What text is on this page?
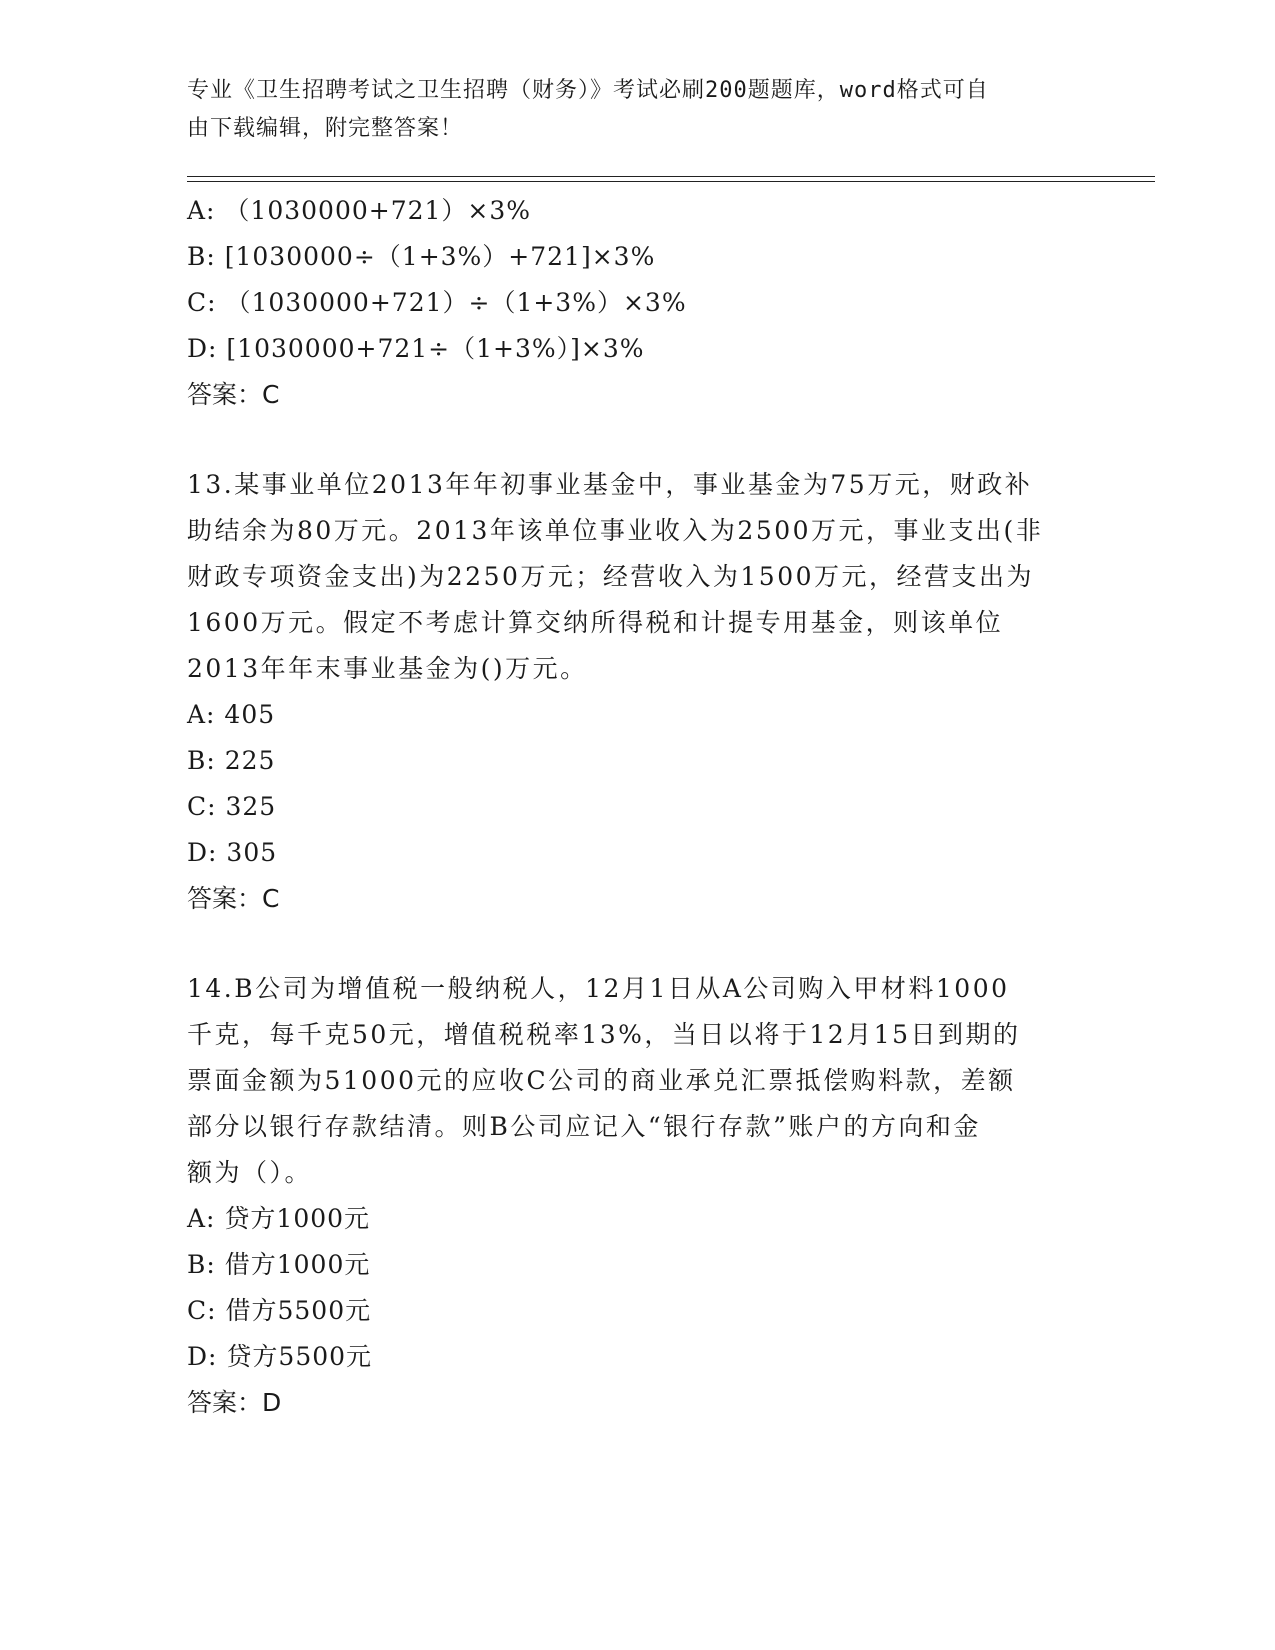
专业《卫生招聘考试之卫生招聘（财务）》考试必刷200题题库，word格式可自
由下载编辑，附完整答案！
A: （1030000+721）×3%
B: [1030000÷（1+3%）+721]×3%
C: （1030000+721）÷（1+3%）×3%
D: [1030000+721÷（1+3%）]×3%
答案：C
13.某事业单位2013年年初事业基金中，事业基金为75万元，财政补
助结余为80万元。2013年该单位事业收入为2500万元，事业支出(非
财政专项资金支出)为2250万元；经营收入为1500万元，经营支出为
1600万元。假定不考虑计算交纳所得税和计提专用基金，则该单位
2013年年末事业基金为()万元。
A: 405
B: 225
C: 325
D: 305
答案：C
14.B公司为增值税一般纳税人，12月1日从A公司购入甲材料1000
千克，每千克50元，增值税税率13%，当日以将于12月15日到期的
票面金额为51000元的应收C公司的商业承兑汇票抵偿购料款，差额
部分以银行存款结清。则B公司应记入“银行存款”账户的方向和金
额为（）。
A: 贷方1000元
B: 借方1000元
C: 借方5500元
D: 贷方5500元
答案：D
